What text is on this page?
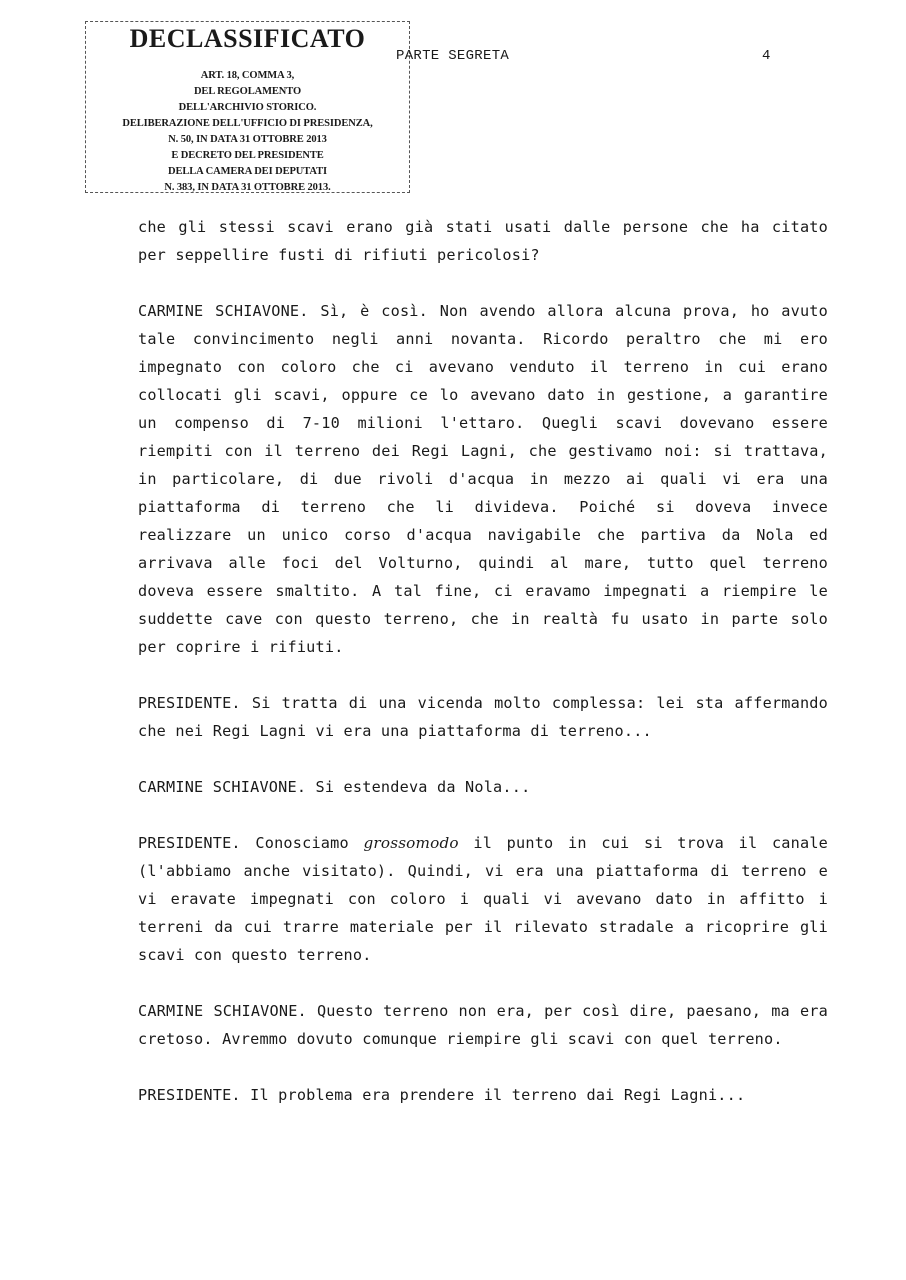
DECLASSIFICATO
ART. 18, COMMA 3,
DEL REGOLAMENTO
DELL'ARCHIVIO STORICO.
DELIBERAZIONE DELL'UFFICIO DI PRESIDENZA,
N. 50, IN DATA 31 OTTOBRE 2013
E DECRETO DEL PRESIDENTE
DELLA CAMERA DEI DEPUTATI
N. 383, IN DATA 31 OTTOBRE 2013.
PARTE SEGRETA	4

che gli stessi scavi erano già stati usati dalle persone che ha citato per seppellire fusti di rifiuti pericolosi?

CARMINE SCHIAVONE. Sì, è così. Non avendo allora alcuna prova, ho avuto tale convincimento negli anni novanta. Ricordo peraltro che mi ero impegnato con coloro che ci avevano venduto il terreno in cui erano collocati gli scavi, oppure ce lo avevano dato in gestione, a garantire un compenso di 7-10 milioni l'ettaro. Quegli scavi dovevano essere riempiti con il terreno dei Regi Lagni, che gestivamo noi: si trattava, in particolare, di due rivoli d'acqua in mezzo ai quali vi era una piattaforma di terreno che li divideva. Poiché si doveva invece realizzare un unico corso d'acqua navigabile che partiva da Nola ed arrivava alle foci del Volturno, quindi al mare, tutto quel terreno doveva essere smaltito. A tal fine, ci eravamo impegnati a riempire le suddette cave con questo terreno, che in realtà fu usato in parte solo per coprire i rifiuti.

PRESIDENTE. Si tratta di una vicenda molto complessa: lei sta affermando che nei Regi Lagni vi era una piattaforma di terreno...

CARMINE SCHIAVONE. Si estendeva da Nola...

PRESIDENTE. Conosciamo grossomodo il punto in cui si trova il canale (l'abbiamo anche visitato). Quindi, vi era una piattaforma di terreno e vi eravate impegnati con coloro i quali vi avevano dato in affitto i terreni da cui trarre materiale per il rilevato stradale a ricoprire gli scavi con questo terreno.

CARMINE SCHIAVONE. Questo terreno non era, per così dire, paesano, ma era cretoso. Avremmo dovuto comunque riempire gli scavi con quel terreno.

PRESIDENTE. Il problema era prendere il terreno dai Regi Lagni...
